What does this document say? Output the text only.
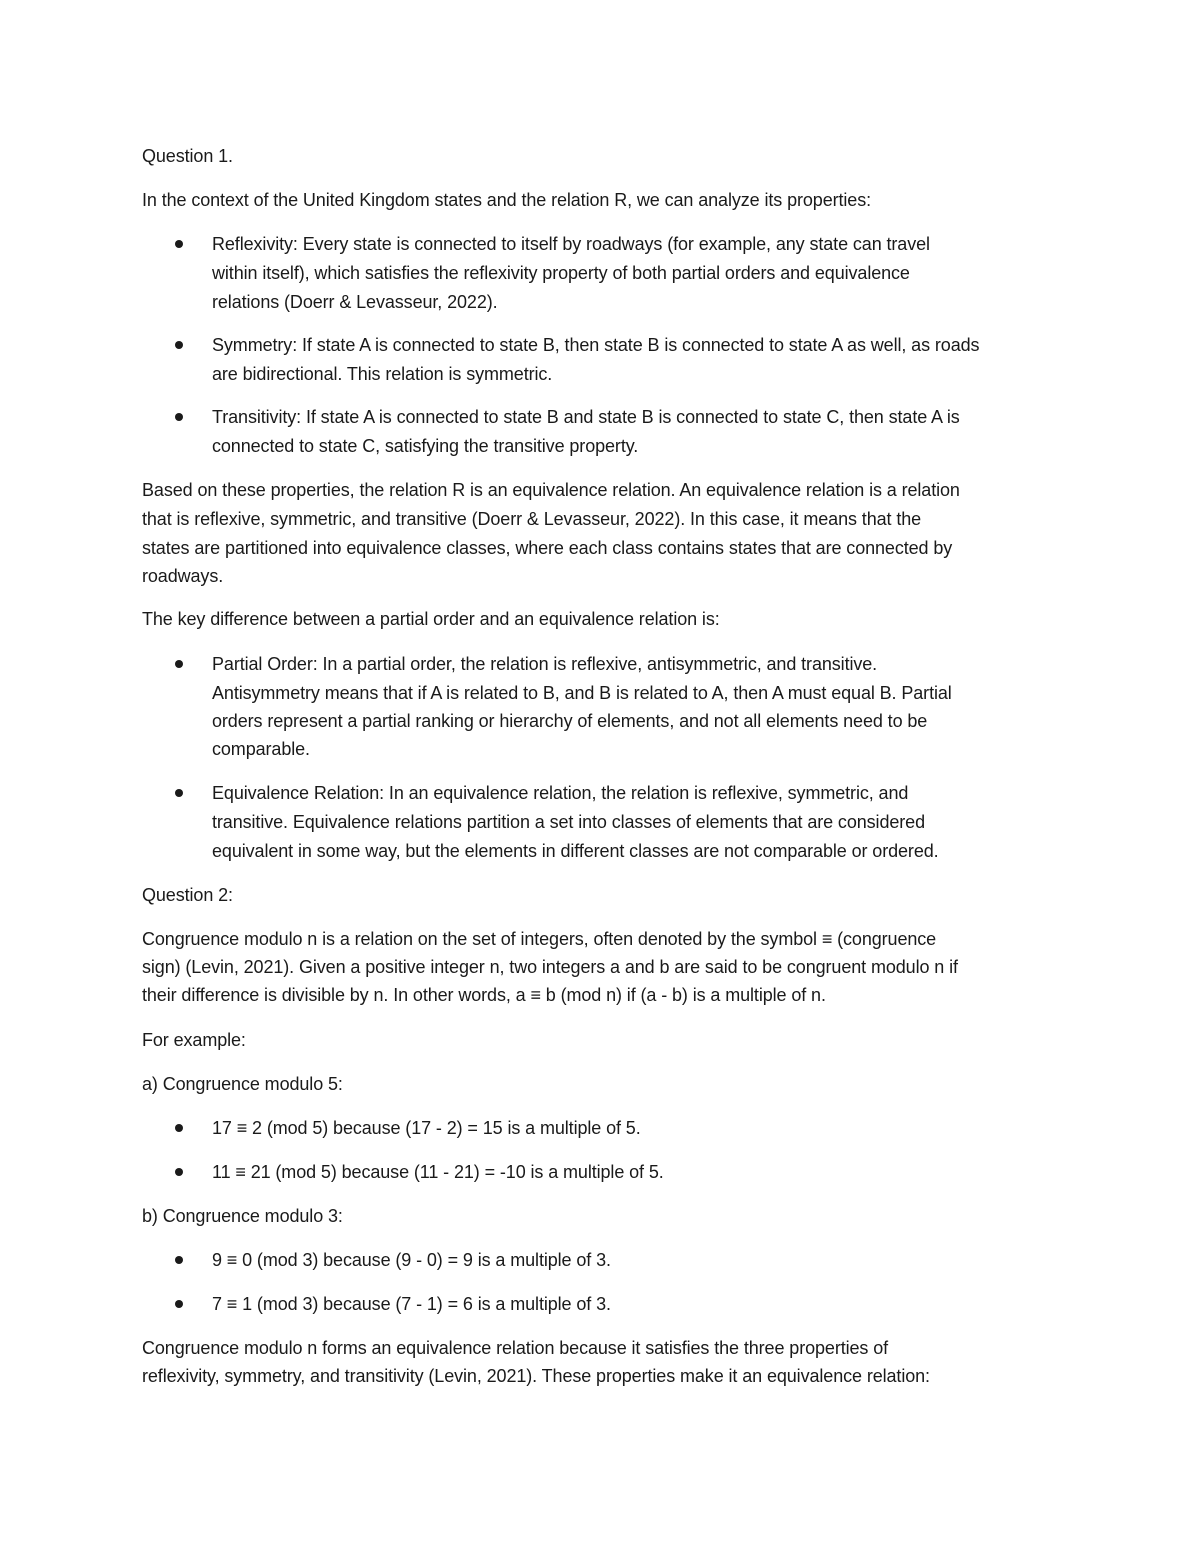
Question 1.
In the context of the United Kingdom states and the relation R, we can analyze its properties:
Reflexivity: Every state is connected to itself by roadways (for example, any state can travel
within itself), which satisfies the reflexivity property of both partial orders and equivalence
relations (Doerr & Levasseur, 2022).
Symmetry: If state A is connected to state B, then state B is connected to state A as well, as roads
are bidirectional. This relation is symmetric.
Transitivity: If state A is connected to state B and state B is connected to state C, then state A is
connected to state C, satisfying the transitive property.
Based on these properties, the relation R is an equivalence relation. An equivalence relation is a relation
that is reflexive, symmetric, and transitive (Doerr & Levasseur, 2022). In this case, it means that the
states are partitioned into equivalence classes, where each class contains states that are connected by
roadways.
The key difference between a partial order and an equivalence relation is:
Partial Order: In a partial order, the relation is reflexive, antisymmetric, and transitive.
Antisymmetry means that if A is related to B, and B is related to A, then A must equal B. Partial
orders represent a partial ranking or hierarchy of elements, and not all elements need to be
comparable.
Equivalence Relation: In an equivalence relation, the relation is reflexive, symmetric, and
transitive. Equivalence relations partition a set into classes of elements that are considered
equivalent in some way, but the elements in different classes are not comparable or ordered.
Question 2:
Congruence modulo n is a relation on the set of integers, often denoted by the symbol ≡ (congruence
sign) (Levin, 2021). Given a positive integer n, two integers a and b are said to be congruent modulo n if
their difference is divisible by n. In other words, a ≡ b (mod n) if (a - b) is a multiple of n.
For example:
a) Congruence modulo 5:
17 ≡ 2 (mod 5) because (17 - 2) = 15 is a multiple of 5.
11 ≡ 21 (mod 5) because (11 - 21) = -10 is a multiple of 5.
b) Congruence modulo 3:
9 ≡ 0 (mod 3) because (9 - 0) = 9 is a multiple of 3.
7 ≡ 1 (mod 3) because (7 - 1) = 6 is a multiple of 3.
Congruence modulo n forms an equivalence relation because it satisfies the three properties of
reflexivity, symmetry, and transitivity (Levin, 2021). These properties make it an equivalence relation:
